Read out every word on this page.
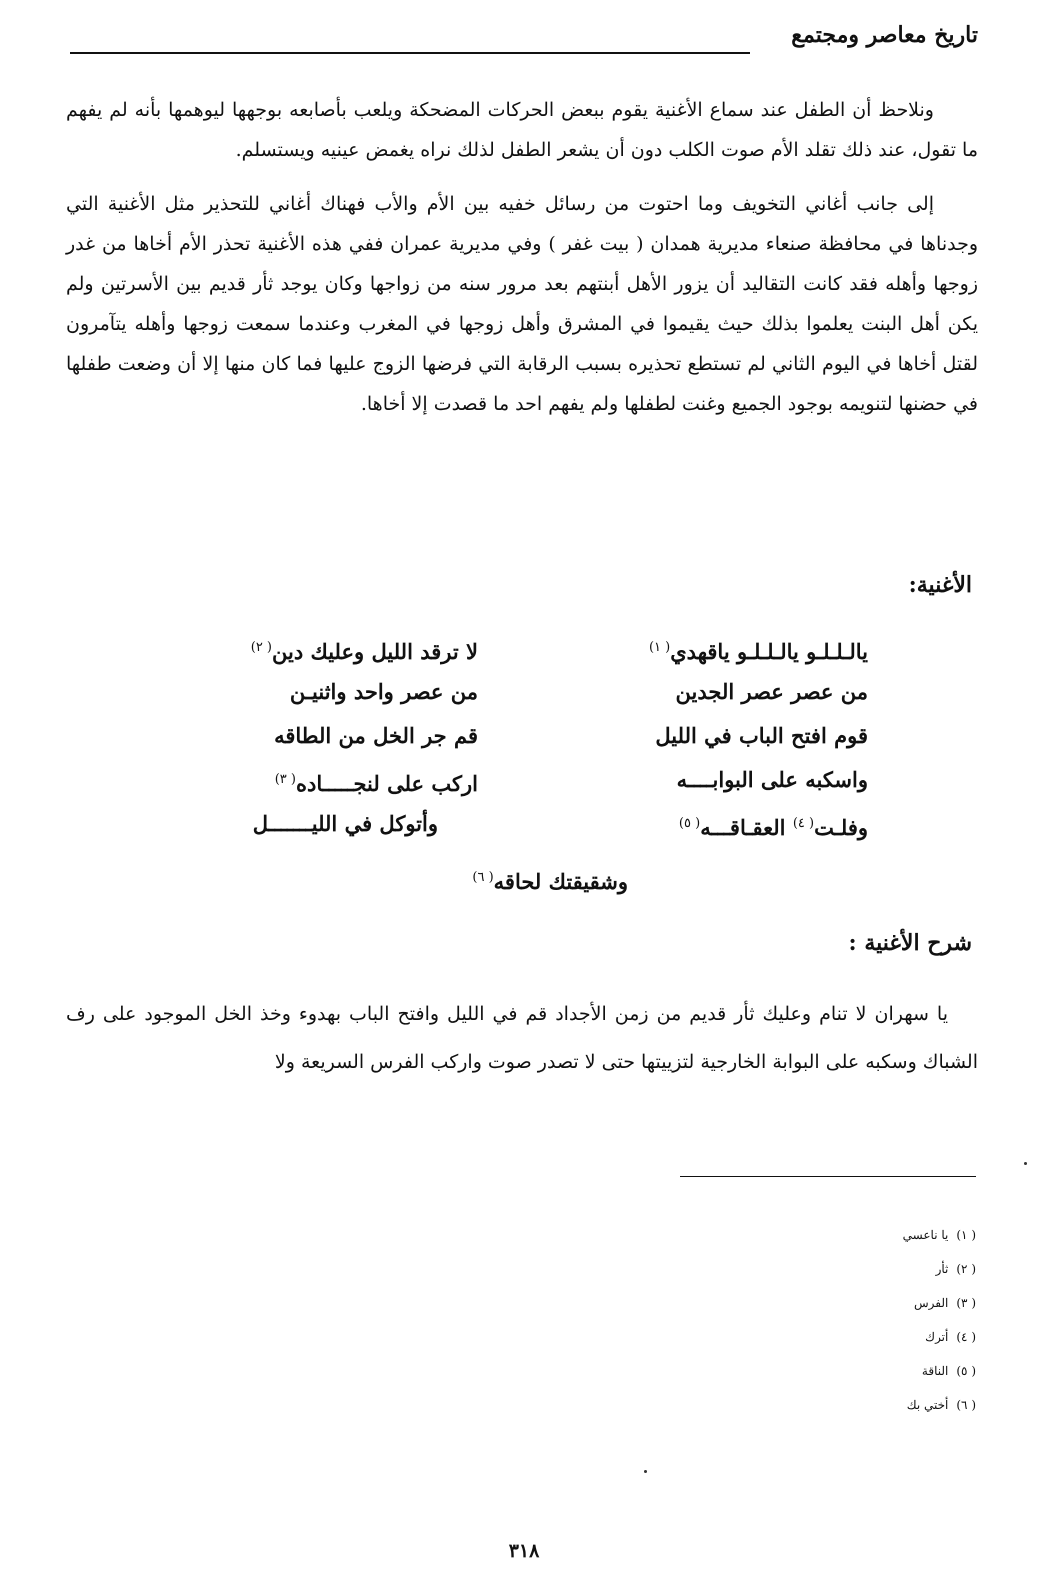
تاريخ معاصر ومجتمع

ونلاحظ أن الطفل عند سماع الأغنية يقوم ببعض الحركات المضحكة ويلعب بأصابعه بوجهها ليوهمها بأنه لم يفهم ما تقول، عند ذلك تقلد الأم صوت الكلب دون أن يشعر الطفل لذلك نراه يغمض عينيه ويستسلم.

إلى جانب أغاني التخويف وما احتوت من رسائل خفيه بين الأم والأب فهناك أغاني للتحذير مثل الأغنية التي وجدناها في محافظة صنعاء مديرية همدان ( بيت غفر ) وفي مديرية عمران ففي هذه الأغنية تحذر الأم أخاها من غدر زوجها وأهله فقد كانت التقاليد أن يزور الأهل أبنتهم بعد مرور سنه من زواجها وكان يوجد ثأر قديم بين الأسرتين ولم يكن أهل البنت يعلموا بذلك حيث يقيموا في المشرق وأهل زوجها في المغرب وعندما سمعت زوجها وأهله يتآمرون لقتل أخاها في اليوم الثاني لم تستطع تحذيره بسبب الرقابة التي فرضها الزوج عليها فما كان منها إلا أن وضعت طفلها في حضنها لتنويمه بوجود الجميع وغنت لطفلها ولم يفهم احد ما قصدت إلا أخاها.

الأغنية:
يالـلـلـو يالـلـلـو ياقهدي$^{( ١)}$
من عصر عصر الجدين
قوم افتح الباب في الليل
واسكبه على البوابــــه
وفلـت$^{( ٤)}$ العقـاقـــه$^{( ٥)}$
لا ترقد الليل وعليك دين$^{( ٢)}$
من عصر واحد واثنيـن
قم جر الخل من الطاقه
اركب على لنجـــــاده$^{( ٣)}$
وأتوكل في الليـــــــل
وشقيقتك لحاقه$^{( ٦)}$
شرح الأغنية :

يا سهران لا تنام وعليك ثأر قديم من زمن الأجداد قم في الليل وافتح الباب بهدوء وخذ الخل الموجود على رف الشباك وسكبه على البوابة الخارجية لتزييتها حتى لا تصدر صوت واركب الفرس السريعة ولا

( ١)يا ناعسي
( ٢)ثأر
( ٣)الفرس
( ٤)أترك
( ٥)الناقة
( ٦)أختي بك
٣١٨
